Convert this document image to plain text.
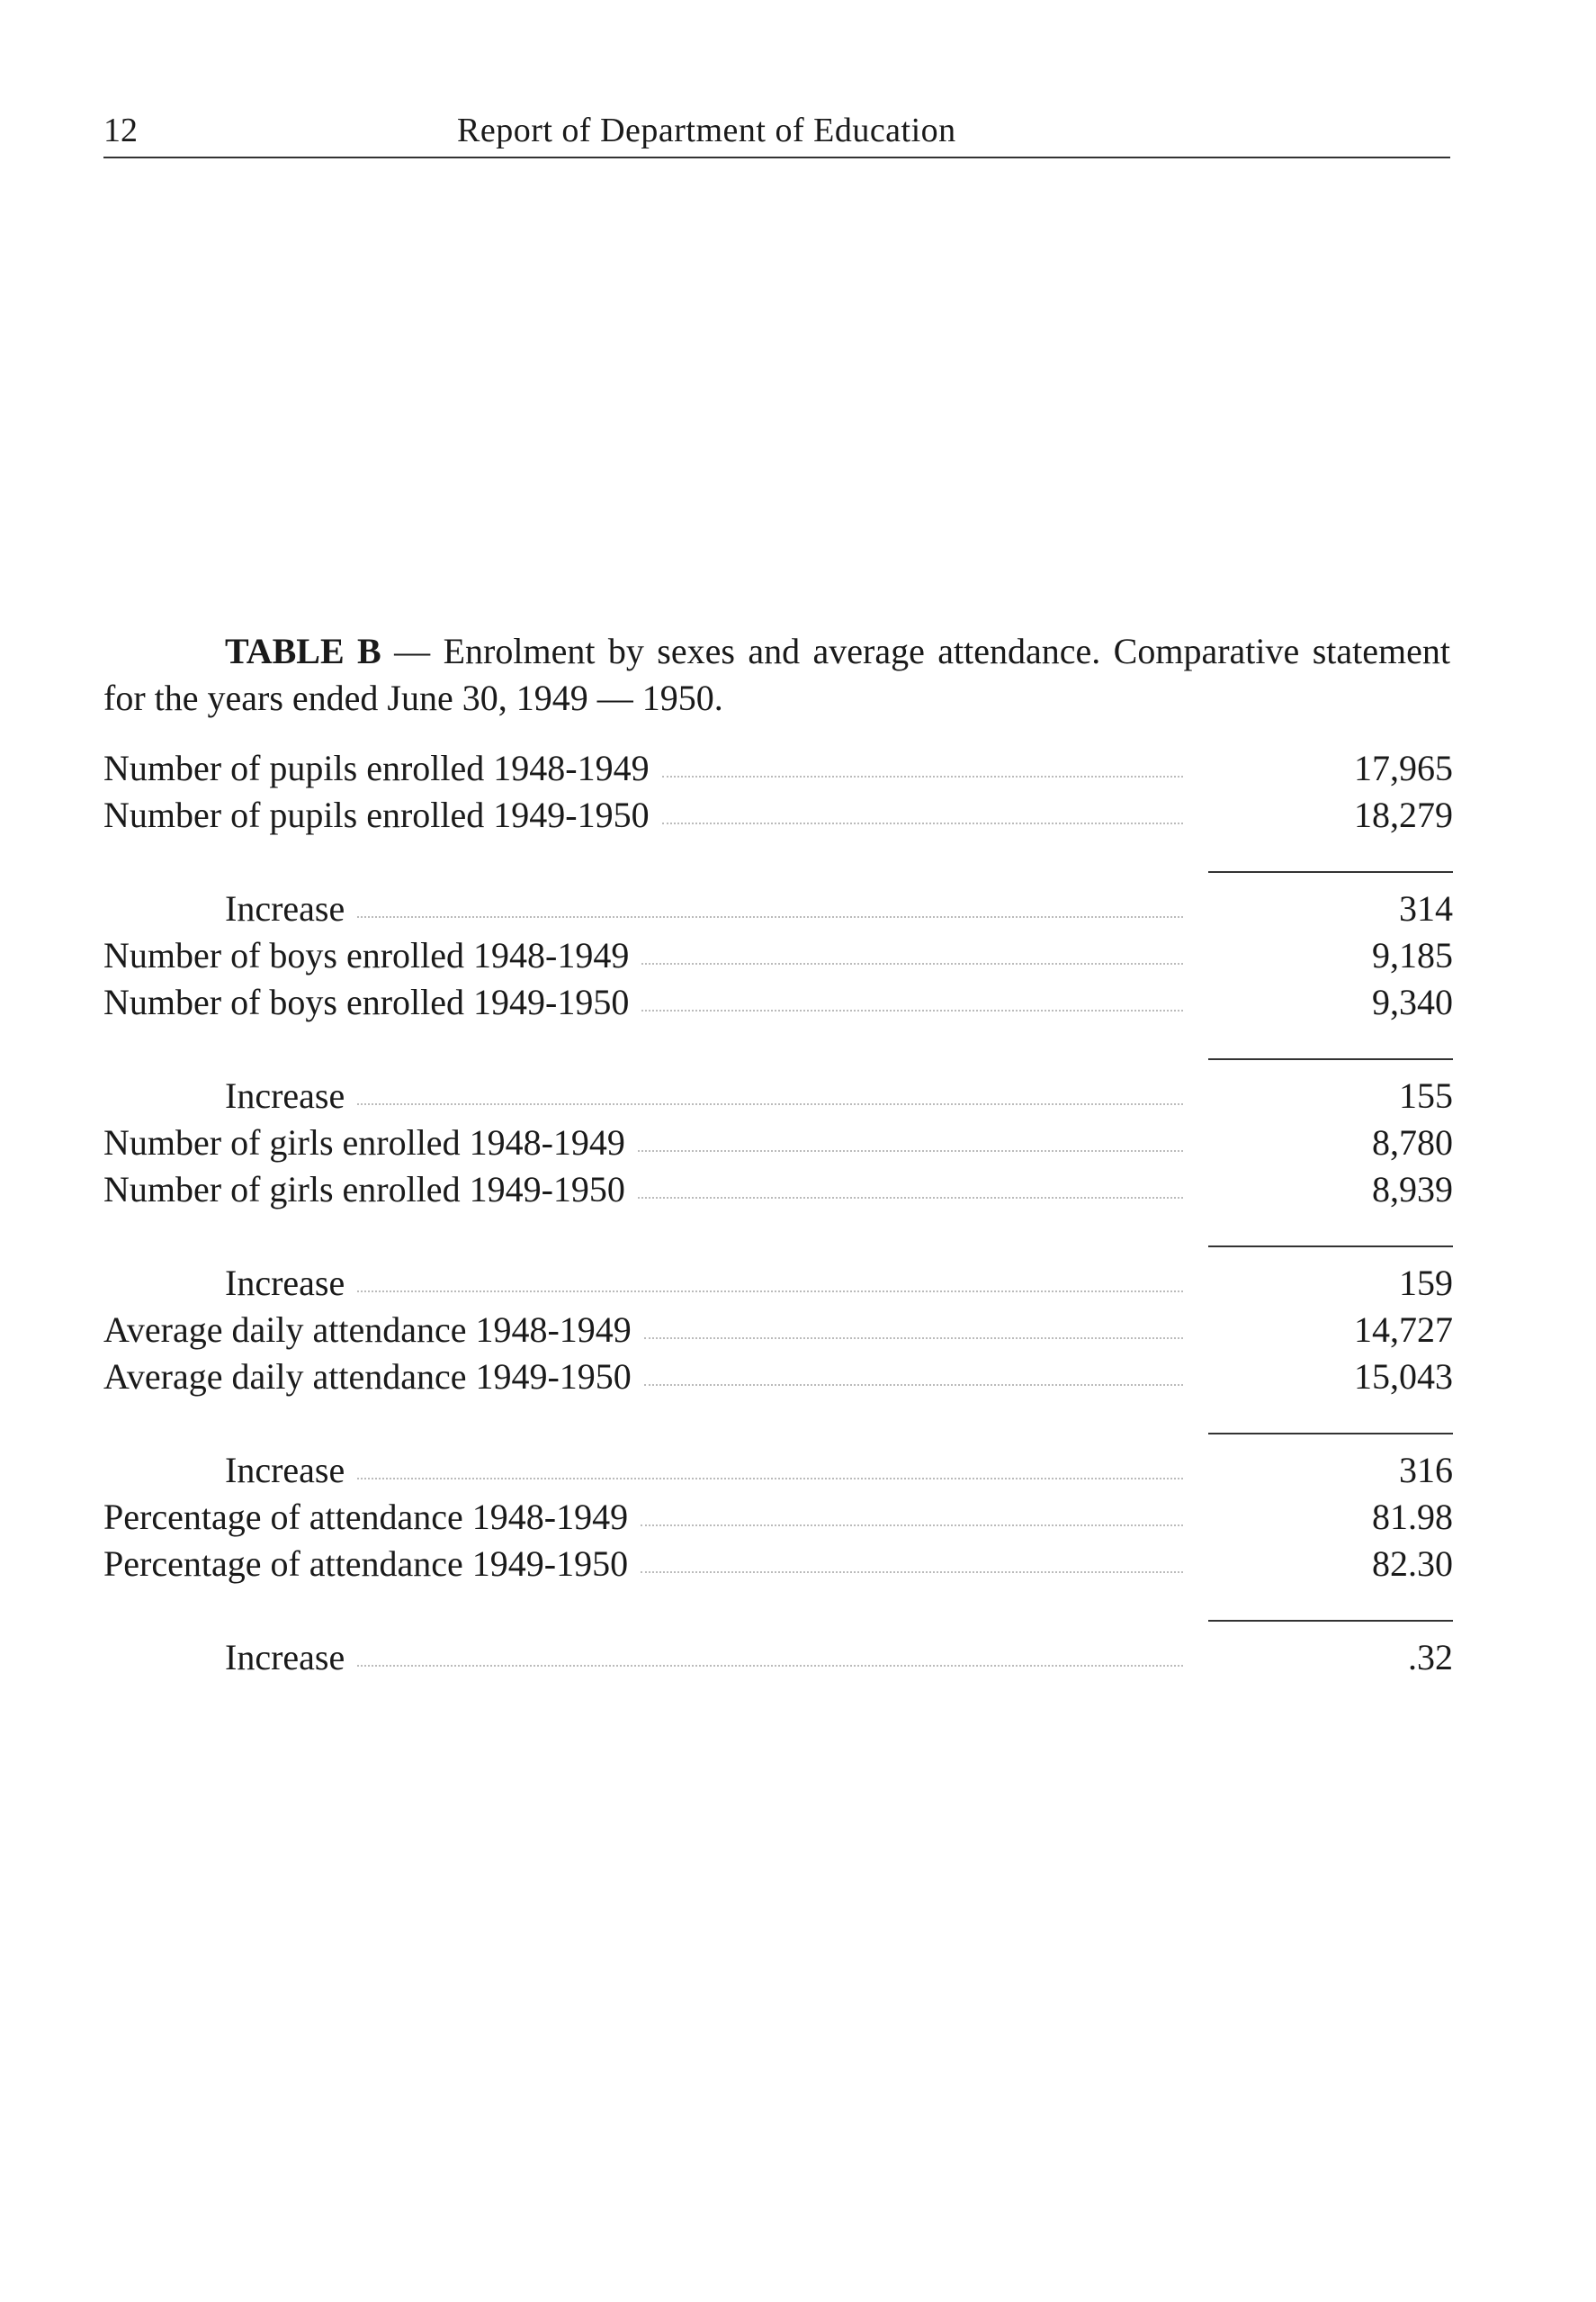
12	Report of Department of Education
TABLE B — Enrolment by sexes and average attendance. Comparative statement for the years ended June 30, 1949 — 1950.
Number of pupils enrolled 1948-1949	17,965
Number of pupils enrolled 1949-1950	18,279
Increase	314
Number of boys enrolled 1948-1949	9,185
Number of boys enrolled 1949-1950	9,340
Increase	155
Number of girls enrolled 1948-1949	8,780
Number of girls enrolled 1949-1950	8,939
Increase	159
Average daily attendance 1948-1949	14,727
Average daily attendance 1949-1950	15,043
Increase	316
Percentage of attendance 1948-1949	81.98
Percentage of attendance 1949-1950	82.30
Increase	.32
